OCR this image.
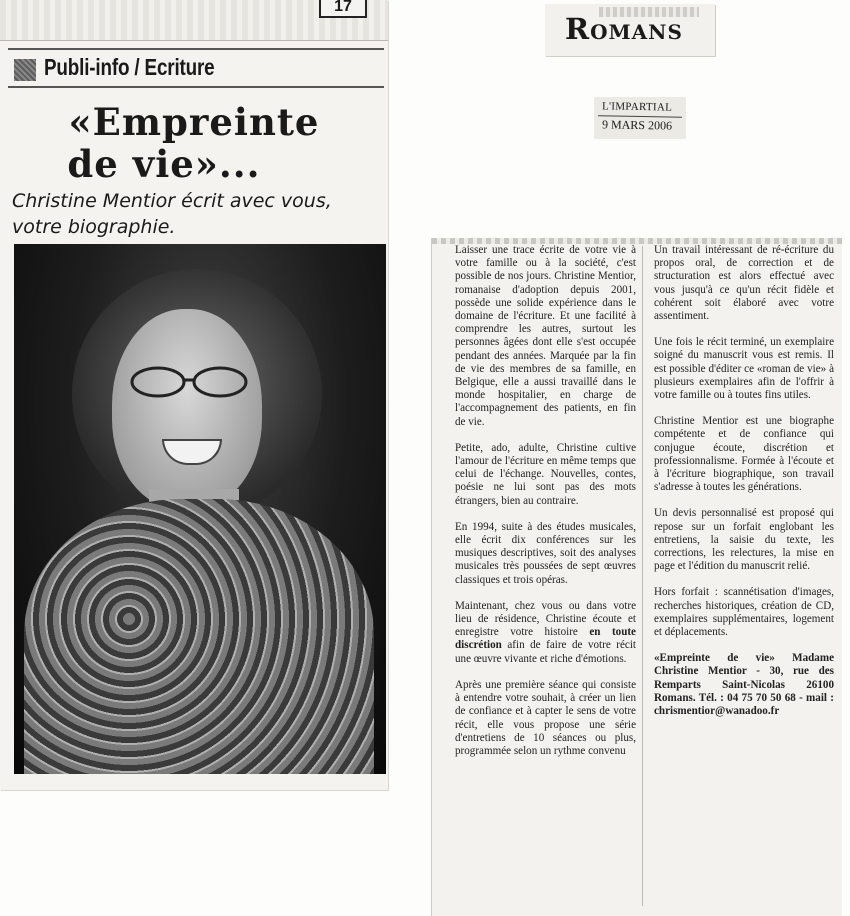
17
Publi-info / Ecriture
«Empreinte
de vie»...
Christine Mentior écrit avec vous, votre biographie.
Romans
L'IMPARTIAL
9 MARS 2006

Laisser une trace écrite de votre vie à votre famille ou à la société, c'est possible de nos jours. Christine Mentior, romanaise d'adoption depuis 2001, possède une solide expérience dans le domaine de l'écriture. Et une facilité à comprendre les autres, surtout les personnes âgées dont elle s'est occupée pendant des années. Marquée par la fin de vie des membres de sa famille, en Belgique, elle a aussi travaillé dans le monde hospitalier, en charge de l'accompagnement des patients, en fin de vie.

Petite, ado, adulte, Christine cultive l'amour de l'écriture en même temps que celui de l'échange. Nouvelles, contes, poésie ne lui sont pas des mots étrangers, bien au contraire.

En 1994, suite à des études musicales, elle écrit dix conférences sur les musiques descriptives, soit des analyses musicales très poussées de sept œuvres classiques et trois opéras.

Maintenant, chez vous ou dans votre lieu de résidence, Christine écoute et enregistre votre histoire en toute discrétion afin de faire de votre récit une œuvre vivante et riche d'émotions.

Après une première séance qui consiste à entendre votre souhait, à créer un lien de confiance et à capter le sens de votre récit, elle vous propose une série d'entretiens de 10 séances ou plus, programmée selon un rythme convenu

Un travail intéressant de ré-écriture du propos oral, de correction et de structuration est alors effectué avec vous jusqu'à ce qu'un récit fidèle et cohérent soit élaboré avec votre assentiment.

Une fois le récit terminé, un exemplaire soigné du manuscrit vous est remis. Il est possible d'éditer ce «roman de vie» à plusieurs exemplaires afin de l'offrir à votre famille ou à toutes fins utiles.

Christine Mentior est une biographe compétente et de confiance qui conjugue écoute, discrétion et professionnalisme. Formée à l'écoute et à l'écriture biographique, son travail s'adresse à toutes les générations.

Un devis personnalisé est proposé qui repose sur un forfait englobant les entretiens, la saisie du texte, les corrections, les relectures, la mise en page et l'édition du manuscrit relié.

Hors forfait : scannétisation d'images, recherches historiques, création de CD, exemplaires supplémentaires, logement et déplacements.

«Empreinte de vie» Madame Christine Mentior - 30, rue des Remparts Saint-Nicolas 26100 Romans. Tél. : 04 75 70 50 68 - mail : chrismentior@wanadoo.fr
